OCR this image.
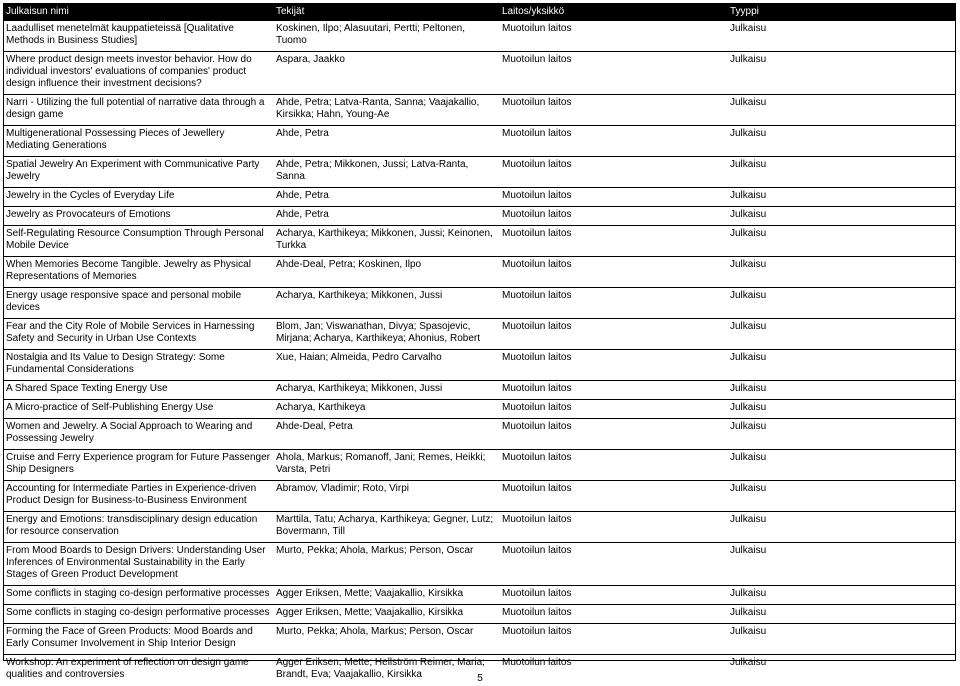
Julkaisun nimi	Tekijät	Laitos/yksikkö	Tyyppi
Laadulliset menetelmät kauppatieteissä [Qualitative Methods in Business Studies]	Koskinen, Ilpo; Alasuutari, Pertti; Peltonen, Tuomo	Muotoilun laitos	Julkaisu
Where product design meets investor behavior. How do individual investors' evaluations of companies' product design influence their investment decisions?	Aspara, Jaakko	Muotoilun laitos	Julkaisu
Narri - Utilizing the full potential of narrative data through a design game	Ahde, Petra; Latva-Ranta, Sanna; Vaajakallio, Kirsikka; Hahn, Young-Ae	Muotoilun laitos	Julkaisu
Multigenerational Possessing Pieces of Jewellery Mediating Generations	Ahde, Petra	Muotoilun laitos	Julkaisu
Spatial Jewelry An Experiment with Communicative Party Jewelry	Ahde, Petra; Mikkonen, Jussi; Latva-Ranta, Sanna	Muotoilun laitos	Julkaisu
Jewelry in the Cycles of Everyday Life	Ahde, Petra	Muotoilun laitos	Julkaisu
Jewelry as Provocateurs of Emotions	Ahde, Petra	Muotoilun laitos	Julkaisu
Self-Regulating Resource Consumption Through Personal Mobile Device	Acharya, Karthikeya; Mikkonen, Jussi; Keinonen, Turkka	Muotoilun laitos	Julkaisu
When Memories Become Tangible. Jewelry as Physical Representations of Memories	Ahde-Deal, Petra; Koskinen, Ilpo	Muotoilun laitos	Julkaisu
Energy usage responsive space and personal mobile devices	Acharya, Karthikeya; Mikkonen, Jussi	Muotoilun laitos	Julkaisu
Fear and the City Role of Mobile Services in Harnessing Safety and Security in Urban Use Contexts	Blom, Jan; Viswanathan, Divya; Spasojevic, Mirjana; Acharya, Karthikeya; Ahonius, Robert	Muotoilun laitos	Julkaisu
Nostalgia and Its Value to Design Strategy: Some Fundamental Considerations	Xue, Haian; Almeida, Pedro Carvalho	Muotoilun laitos	Julkaisu
A Shared Space Texting Energy Use	Acharya, Karthikeya; Mikkonen, Jussi	Muotoilun laitos	Julkaisu
A Micro-practice of Self-Publishing Energy Use	Acharya, Karthikeya	Muotoilun laitos	Julkaisu
Women and Jewelry. A Social Approach to Wearing and Possessing Jewelry	Ahde-Deal, Petra	Muotoilun laitos	Julkaisu
Cruise and Ferry Experience program for Future Passenger Ship Designers	Ahola, Markus; Romanoff, Jani; Remes, Heikki; Varsta, Petri	Muotoilun laitos	Julkaisu
Accounting for Intermediate Parties in Experience-driven Product Design for Business-to-Business Environment	Abramov, Vladimir; Roto, Virpi	Muotoilun laitos	Julkaisu
Energy and Emotions: transdisciplinary design education for resource conservation	Marttila, Tatu; Acharya, Karthikeya; Gegner, Lutz; Bovermann, Till	Muotoilun laitos	Julkaisu
From Mood Boards to Design Drivers: Understanding User Inferences of Environmental Sustainability in the Early Stages of Green Product Development	Murto, Pekka; Ahola, Markus; Person, Oscar	Muotoilun laitos	Julkaisu
Some conflicts in staging co-design performative processes	Agger Eriksen, Mette; Vaajakallio, Kirsikka	Muotoilun laitos	Julkaisu
Some conflicts in staging co-design performative processes	Agger Eriksen, Mette; Vaajakallio, Kirsikka	Muotoilun laitos	Julkaisu
Forming the Face of Green Products: Mood Boards and Early Consumer Involvement in Ship Interior Design	Murto, Pekka; Ahola, Markus; Person, Oscar	Muotoilun laitos	Julkaisu
Workshop: An experiment of reflection on design game qualities and controversies	Agger Eriksen, Mette; Hellström Reimer, Maria; Brandt, Eva; Vaajakallio, Kirsikka	Muotoilun laitos	Julkaisu
5
